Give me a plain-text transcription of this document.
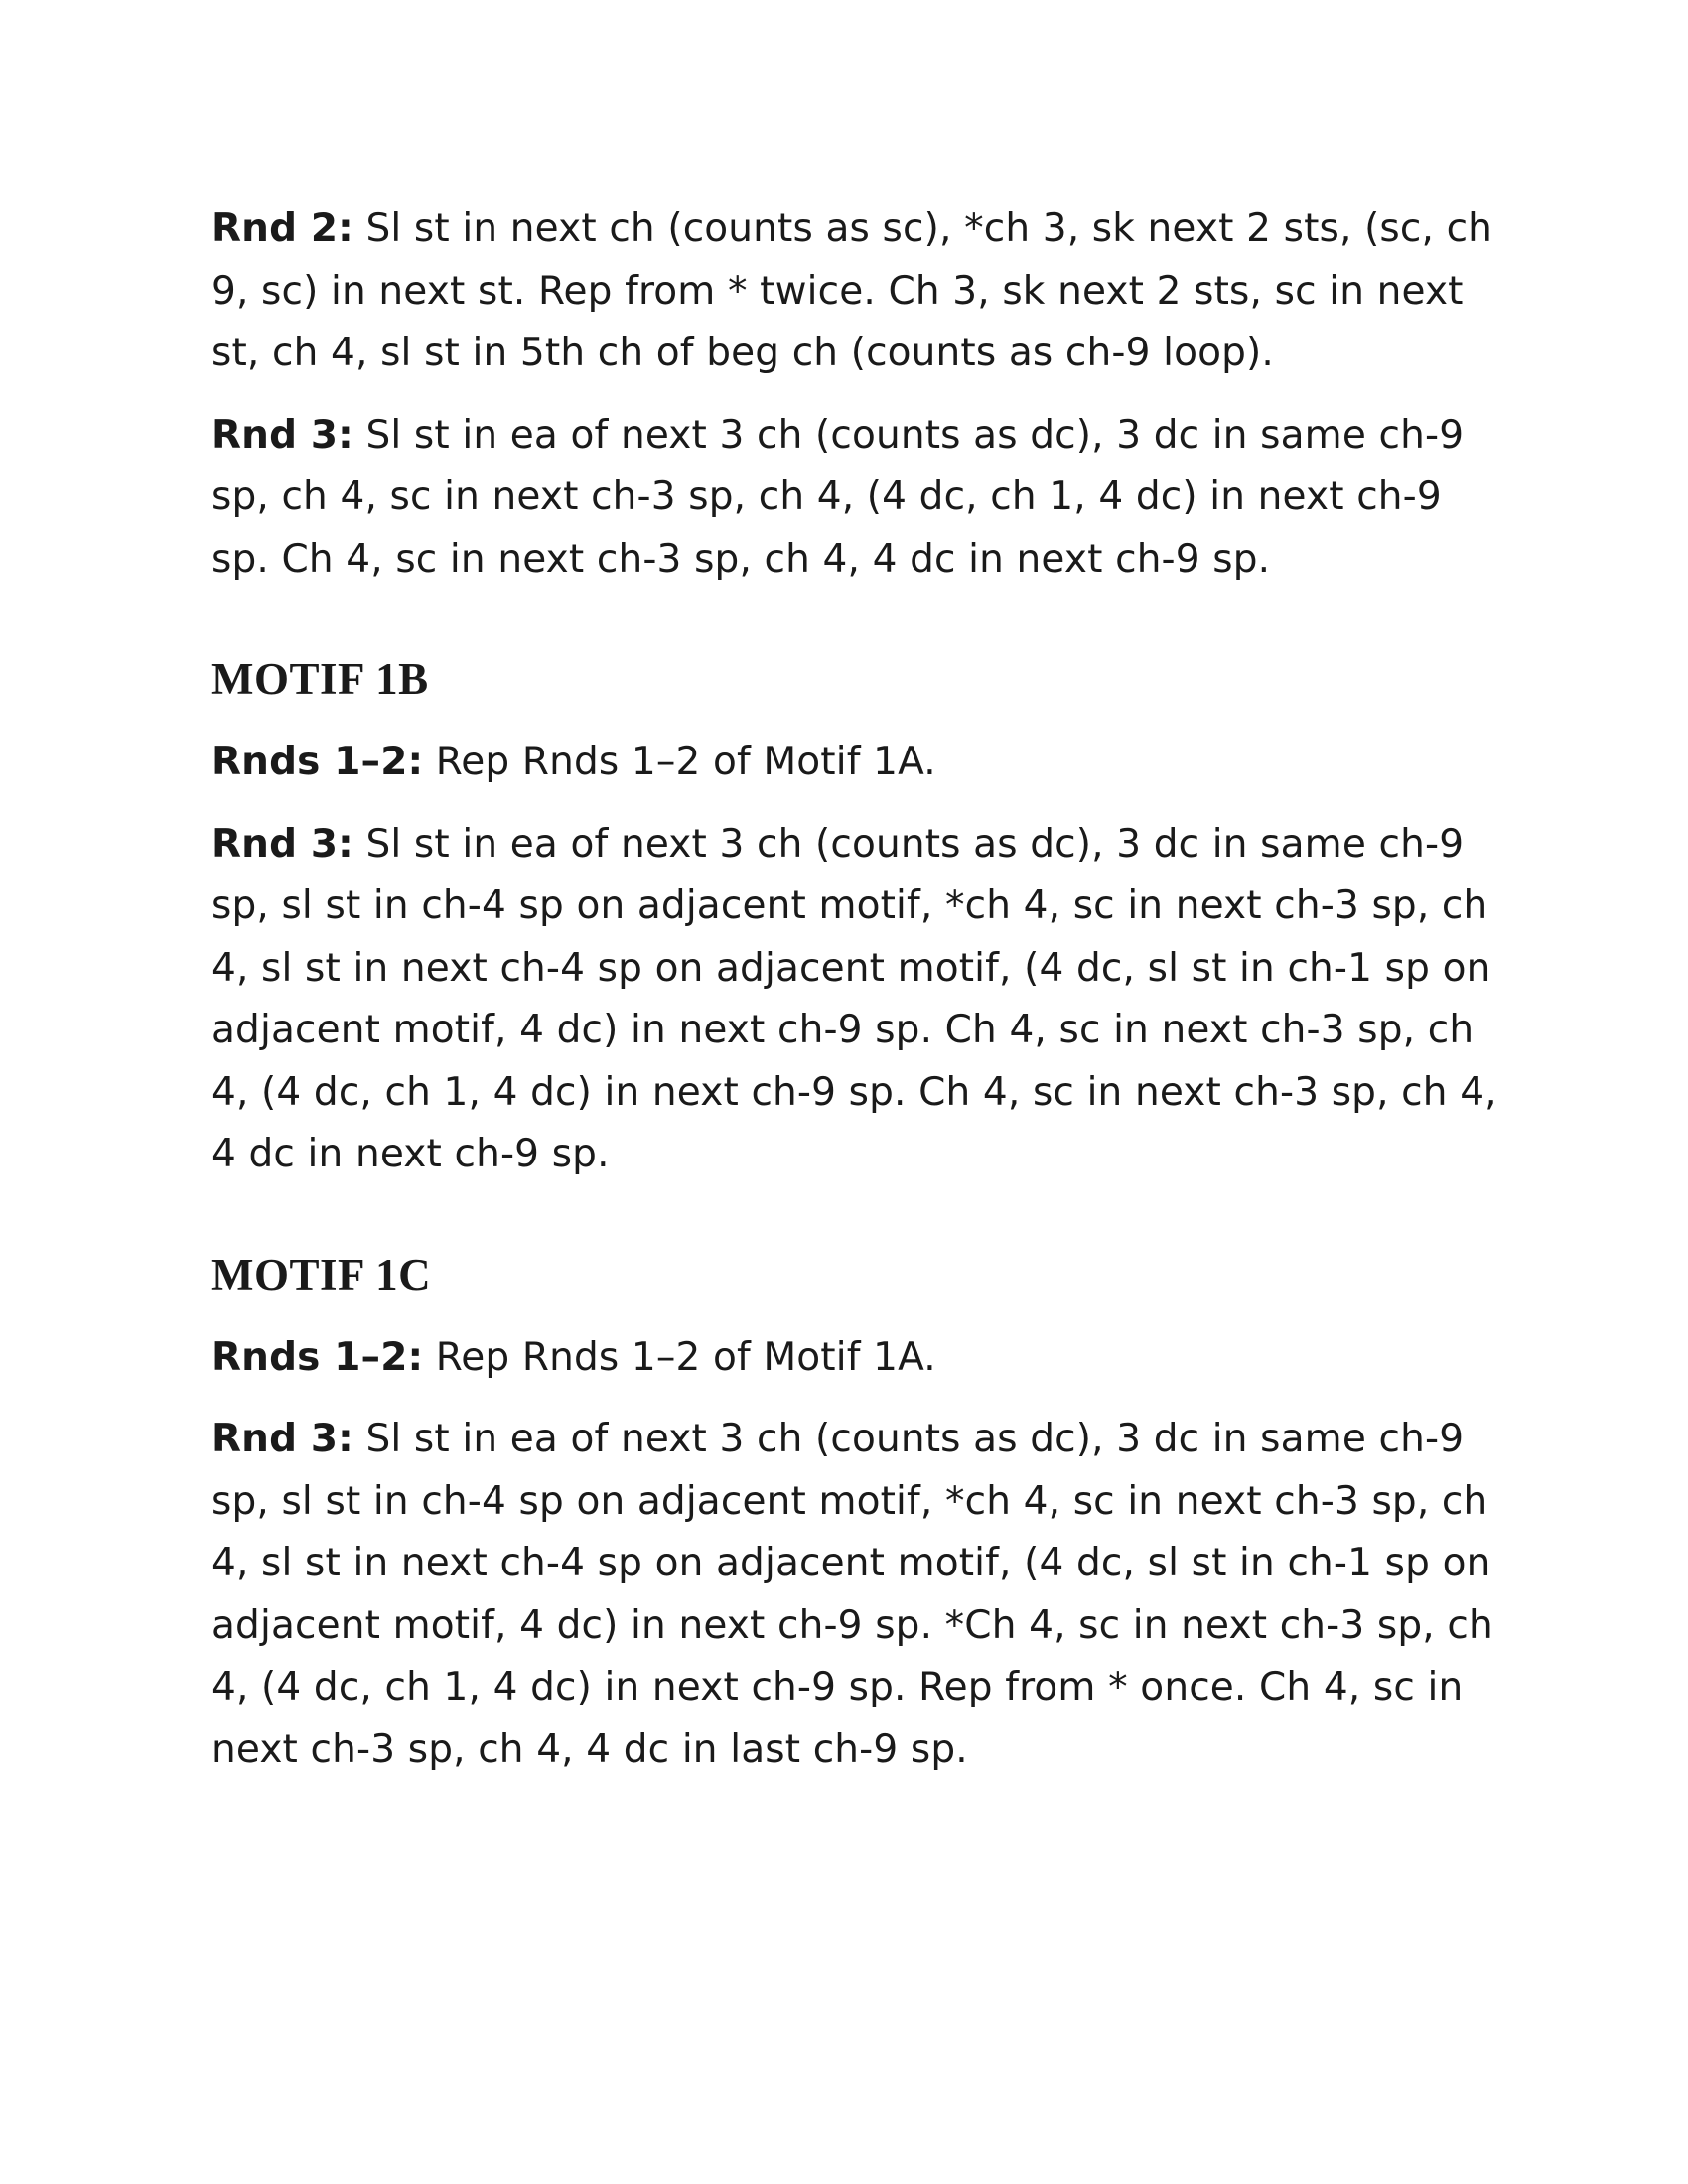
Rnd 2: Sl st in next ch (counts as sc), *ch 3, sk next 2 sts, (sc, ch 9, sc) in next st. Rep from * twice. Ch 3, sk next 2 sts, sc in next st, ch 4, sl st in 5th ch of beg ch (counts as ch-9 loop).

Rnd 3: Sl st in ea of next 3 ch (counts as dc), 3 dc in same ch-9 sp, ch 4, sc in next ch-3 sp, ch 4, (4 dc, ch 1, 4 dc) in next ch-9 sp. Ch 4, sc in next ch-3 sp, ch 4, 4 dc in next ch-9 sp.

MOTIF 1B

Rnds 1–2: Rep Rnds 1–2 of Motif 1A.

Rnd 3: Sl st in ea of next 3 ch (counts as dc), 3 dc in same ch-9 sp, sl st in ch-4 sp on adjacent motif, *ch 4, sc in next ch-3 sp, ch 4, sl st in next ch-4 sp on adjacent motif, (4 dc, sl st in ch-1 sp on adjacent motif, 4 dc) in next ch-9 sp. Ch 4, sc in next ch-3 sp, ch 4, (4 dc, ch 1, 4 dc) in next ch-9 sp. Ch 4, sc in next ch-3 sp, ch 4, 4 dc in next ch-9 sp.

MOTIF 1C

Rnds 1–2: Rep Rnds 1–2 of Motif 1A.

Rnd 3: Sl st in ea of next 3 ch (counts as dc), 3 dc in same ch-9 sp, sl st in ch-4 sp on adjacent motif, *ch 4, sc in next ch-3 sp, ch 4, sl st in next ch-4 sp on adjacent motif, (4 dc, sl st in ch-1 sp on adjacent motif, 4 dc) in next ch-9 sp. *Ch 4, sc in next ch-3 sp, ch 4, (4 dc, ch 1, 4 dc) in next ch-9 sp. Rep from * once. Ch 4, sc in next ch-3 sp, ch 4, 4 dc in last ch-9 sp.
